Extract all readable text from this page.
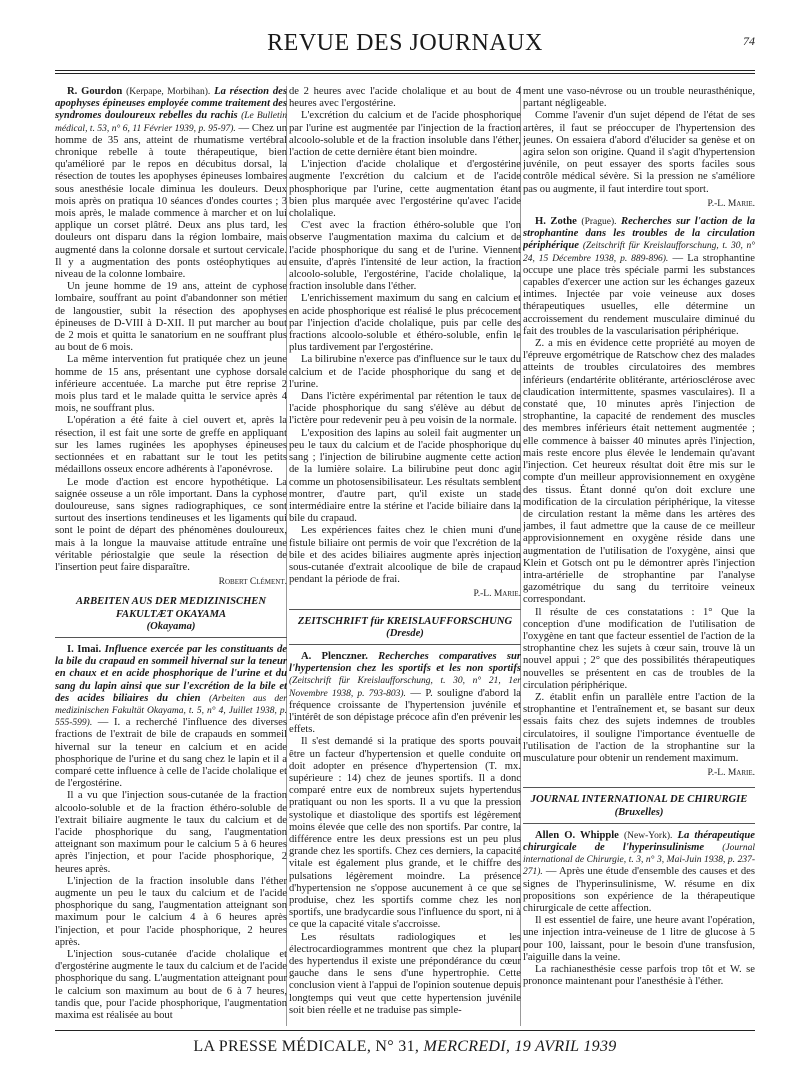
REVUE DES JOURNAUX	74

R. Gourdon (Kerpape, Morbihan). La résection des apophyses épineuses employée comme traitement des syndromes douloureux rebelles du rachis (Le Bulletin médical, t. 53, n° 6, 11 Février 1939, p. 95-97). — Chez un homme de 35 ans, atteint de rhumatisme vertébral chronique rebelle à toute thérapeutique, bien qu'amélioré par le repos en décubitus dorsal, la résection de toutes les apophyses épineuses lombaires sous anesthésie locale diminua les douleurs. Deux mois après on pratiqua 10 séances d'ondes courtes ; 3 mois après, le malade commence à marcher et on lui applique un corset plâtré. Deux ans plus tard, les douleurs ont disparu dans la région lombaire, mais augmenté dans la colonne dorsale et surtout cervicale. Il y a augmentation des ponts ostéophytiques au niveau de la colonne lombaire.

Un jeune homme de 19 ans, atteint de cyphose lombaire, souffrant au point d'abandonner son métier de langoustier, subit la résection des apophyses épineuses de D-VIII à D-XII. Il put marcher au bout de 2 mois et quitta le sanatorium en ne souffrant plus au bout de 6 mois.

La même intervention fut pratiquée chez un jeune homme de 15 ans, présentant une cyphose dorsale inférieure accentuée. La marche put être reprise 2 mois plus tard et le malade quitta le service après 4 mois, ne souffrant plus.

L'opération a été faite à ciel ouvert et, après la résection, il est fait une sorte de greffe en appliquant sur les lames ruginées les apophyses épineuses sectionnées et en rabattant sur le tout les petits médaillons osseux encore adhérents à l'aponévrose.

Le mode d'action est encore hypothétique. La saignée osseuse a un rôle important. Dans la cyphose douloureuse, sans signes radiographiques, ce sont surtout des insertions tendineuses et les ligaments qui sont le point de départ des phénomènes douloureux, mais à la longue la mauvaise attitude entraîne une véritable périostalgie que seule la résection de l'insertion peut faire disparaître.

Robert Clément.

ARBEITEN AUS DER MEDIZINISCHEN FAKULTÆT OKAYAMA
(Okayama)

I. Imai. Influence exercée par les constituants de la bile du crapaud en sommeil hivernal sur la teneur en chaux et en acide phosphorique de l'urine et du sang du lapin ainsi que sur l'excrétion de la bile et des acides biliaires du chien (Arbeiten aus der medizinischen Fakultät Okayama, t. 5, n° 4, Juillet 1938, p. 555-599). — I. a recherché l'influence des diverses fractions de l'extrait de bile de crapauds en sommeil hivernal sur la teneur en calcium et en acide phosphorique de l'urine et du sang chez le lapin et il a comparé cette influence à celle de l'acide cholalique et de l'ergostérine.

Il a vu que l'injection sous-cutanée de la fraction alcoolo-soluble et de la fraction éthéro-soluble de l'extrait biliaire augmente le taux du calcium et de l'acide phosphorique du sang, l'augmentation atteignant son maximum pour le calcium 5 à 6 heures après l'injection, et pour l'acide phosphorique, 2 heures après.

L'injection de la fraction insoluble dans l'éther augmente un peu le taux du calcium et de l'acide phosphorique du sang, l'augmentation atteignant son maximum pour le calcium 4 à 6 heures après l'injection, et pour l'acide phosphorique, 2 heures après.

L'injection sous-cutanée d'acide cholalique et d'ergostérine augmente le taux du calcium et de l'acide phosphorique du sang. L'augmentation atteignant pour le calcium son maximum au bout de 6 à 7 heures, tandis que, pour l'acide phosphorique, l'augmentation maxima est réalisée au bout

de 2 heures avec l'acide cholalique et au bout de 4 heures avec l'ergostérine.

L'excrétion du calcium et de l'acide phosphorique par l'urine est augmentée par l'injection de la fraction alcoolo-soluble et de la fraction insoluble dans l'éther, l'action de cette dernière étant bien moindre.

L'injection d'acide cholalique et d'ergostérine augmente l'excrétion du calcium et de l'acide phosphorique par l'urine, cette augmentation étant bien plus marquée avec l'ergostérine qu'avec l'acide cholalique.

C'est avec la fraction éthéro-soluble que l'on observe l'augmentation maxima du calcium et de l'acide phosphorique du sang et de l'urine. Viennent ensuite, d'après l'intensité de leur action, la fraction alcoolo-soluble, l'ergostérine, l'acide cholalique, la fraction insoluble dans l'éther.

L'enrichissement maximum du sang en calcium et en acide phosphorique est réalisé le plus précocement par l'injection d'acide cholalique, puis par celle des fractions alcoolo-soluble et éthéro-soluble, enfin le plus tardivement par l'ergostérine.

La bilirubine n'exerce pas d'influence sur le taux du calcium et de l'acide phosphorique du sang et de l'urine.

Dans l'ictère expérimental par rétention le taux de l'acide phosphorique du sang s'élève au début de l'ictère pour redevenir peu à peu voisin de la normale.

L'exposition des lapins au soleil fait augmenter un peu le taux du calcium et de l'acide phosphorique du sang ; l'injection de bilirubine augmente cette action de la lumière solaire. La bilirubine peut donc agir comme un photosensibilisateur. Les résultats semblent montrer, d'autre part, qu'il existe un stade intermédiaire entre la stérine et l'acide biliaire dans la bile du crapaud.

Les expériences faites chez le chien muni d'une fistule biliaire ont permis de voir que l'excrétion de la bile et des acides biliaires augmente après injection sous-cutanée d'extrait alcoolique de bile de crapaud pendant la période de frai.

P.-L. Marie.

ZEITSCHRIFT für KREISLAUFFORSCHUNG
(Dresde)

A. Plenczner. Recherches comparatives sur l'hypertension chez les sportifs et les non sportifs (Zeitschrift für Kreislaufforschung, t. 30, n° 21, 1er Novembre 1938, p. 793-803). — P. souligne d'abord la fréquence croissante de l'hypertension juvénile et l'intérêt de son dépistage précoce afin d'en prévenir les effets.

Il s'est demandé si la pratique des sports pouvait être un facteur d'hypertension et quelle conduite on doit adopter en présence d'hypertension (T. mx. supérieure : 14) chez de jeunes sportifs. Il a donc comparé entre eux de nombreux sujets hypertendus pratiquant ou non les sports. Il a vu que la pression systolique et diastolique des sportifs est légèrement moins élevée que celle des non sportifs. Par contre, la différence entre les deux pressions est un peu plus grande chez les sportifs. Chez ces derniers, la capacité vitale est également plus grande, et le chiffre des pulsations légèrement moindre. La présence d'hypertension ne s'oppose aucunement à ce que se produise, chez les sportifs comme chez les non sportifs, une bradycardie sous l'influence du sport, ni à ce que la capacité vitale s'accroisse.

Les résultats radiologiques et les électrocardiogrammes montrent que chez la plupart des hypertendus il existe une prépondérance du cœur gauche dans le sens d'une hypertrophie. Cette conclusion vient à l'appui de l'opinion soutenue depuis longtemps qui veut que cette hypertension juvénile soit bien réelle et ne traduise pas simple-

ment une vaso-névrose ou un trouble neurasthénique, partant négligeable.

Comme l'avenir d'un sujet dépend de l'état de ses artères, il faut se préoccuper de l'hypertension des jeunes. On essaiera d'abord d'élucider sa genèse et on agira selon son origine. Quand il s'agit d'hypertension juvénile, on peut essayer des sports faciles sous contrôle médical sévère. Si la pression ne s'améliore pas ou augmente, il faut interdire tout sport.

P.-L. Marie.

H. Zothe (Prague). Recherches sur l'action de la strophantine dans les troubles de la circulation périphérique (Zeitschrift für Kreislaufforschung, t. 30, n° 24, 15 Décembre 1938, p. 889-896). — La strophantine occupe une place très spéciale parmi les substances capables d'exercer une action sur les échanges gazeux intimes. Injectée par voie veineuse aux doses thérapeutiques usuelles, elle détermine un accroissement du rendement musculaire diminué du fait des troubles de la vascularisation périphérique.

Z. a mis en évidence cette propriété au moyen de l'épreuve ergométrique de Ratschow chez des malades atteints de troubles circulatoires des membres inférieurs (endartérite oblitérante, artériosclérose avec claudication intermittente, spasmes vasculaires). Il a constaté que, 10 minutes après l'injection de strophantine, la capacité de rendement des muscles des membres inférieurs était nettement augmentée ; elle commence à baisser 40 minutes après l'injection, mais reste encore plus élevée le lendemain qu'avant l'injection. Cet heureux résultat doit être mis sur le compte d'un meilleur approvisionnement en oxygène des tissus. Étant donné qu'on doit exclure une modification de la circulation périphérique, la vitesse de circulation restant la même dans les artères des jambes, il faut admettre que la cause de ce meilleur approvisionnement en oxygène réside dans une augmentation de l'utilisation de l'oxygène, ainsi que Klein et Gotsch ont pu le démontrer après l'injection intra-artérielle de strophantine par l'analyse gazométrique du sang du territoire veineux correspondant.

Il résulte de ces constatations : 1° Que la conception d'une modification de l'utilisation de l'oxygène en tant que facteur essentiel de l'action de la strophantine chez les sujets à cœur sain, trouve là un nouvel appui ; 2° que des possibilités thérapeutiques nouvelles se présentent en cas de troubles de la circulation périphérique.

Z. établit enfin un parallèle entre l'action de la strophantine et l'entraînement et, se basant sur deux essais faits chez des sujets indemnes de troubles circulatoires, il souligne l'importance éventuelle de l'utilisation de l'action de la strophantine sur la musculature pour obtenir un rendement maximum.

P.-L. Marie.

JOURNAL INTERNATIONAL DE CHIRURGIE
(Bruxelles)

Allen O. Whipple (New-York). La thérapeutique chirurgicale de l'hyperinsulinisme (Journal international de Chirurgie, t. 3, n° 3, Mai-Juin 1938, p. 237-271). — Après une étude d'ensemble des causes et des signes de l'hyperinsulinisme, W. résume en dix propositions son expérience de la thérapeutique chirurgicale de cette affection.

Il est essentiel de faire, une heure avant l'opération, une injection intra-veineuse de 1 litre de glucose à 5 pour 100, laissant, pour le besoin d'une transfusion, l'aiguille dans la veine.

La rachianesthésie cesse parfois trop tôt et W. se prononce maintenant pour l'anesthésie à l'éther.

LA PRESSE MÉDICALE, N° 31, MERCREDI, 19 AVRIL 1939
